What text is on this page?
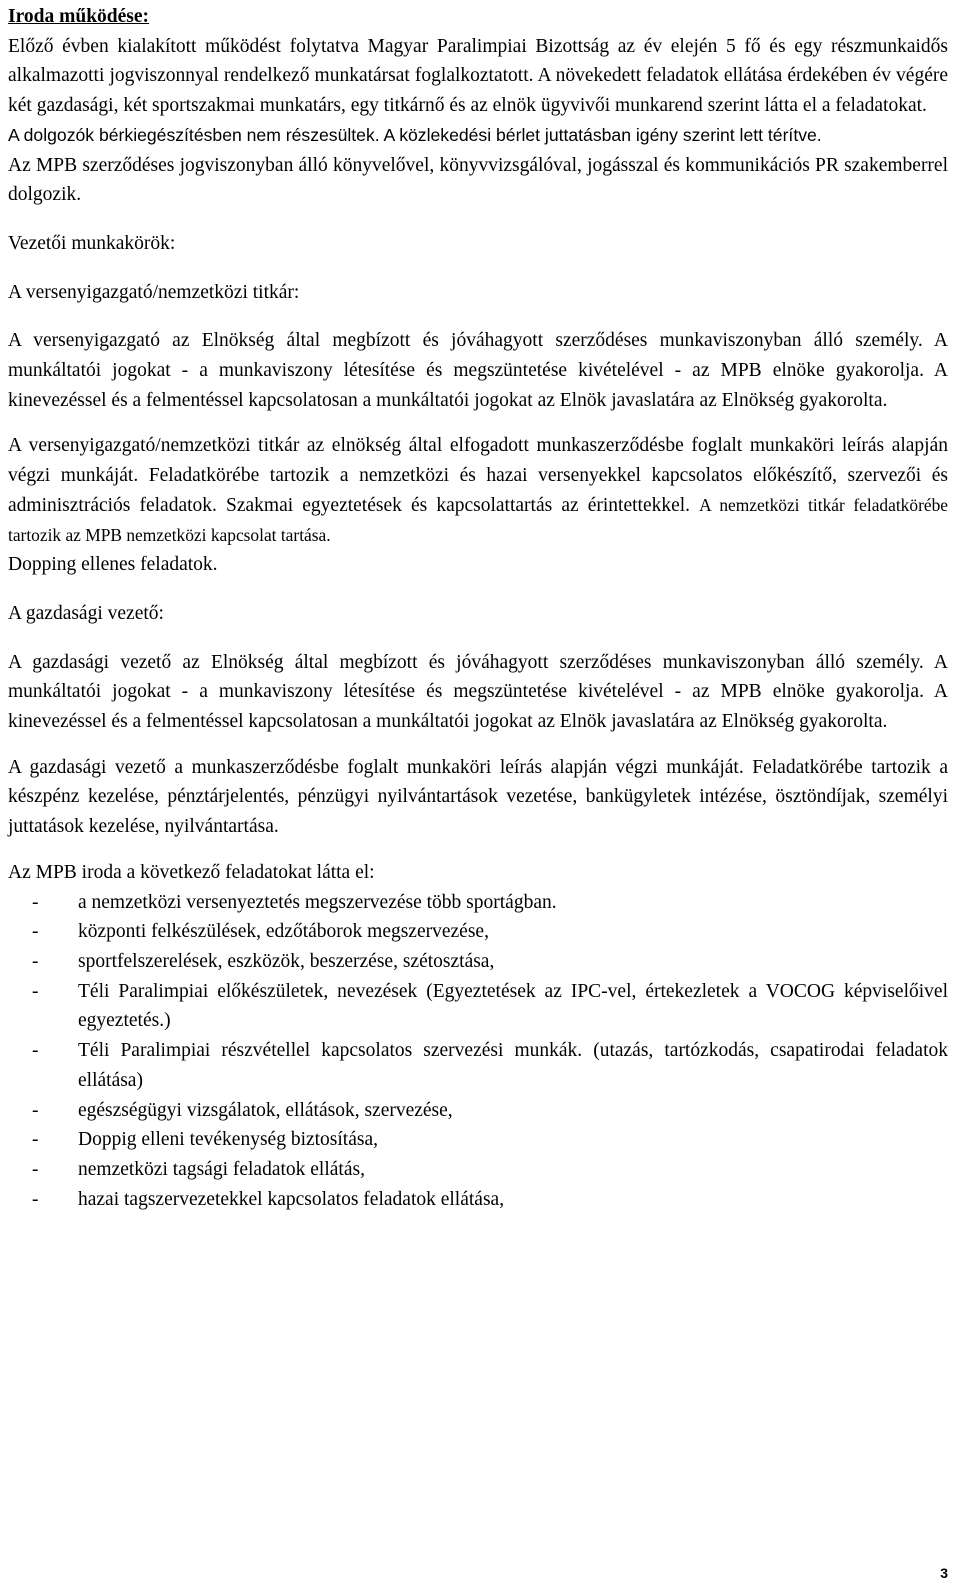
Iroda működése:

Előző évben kialakított működést folytatva Magyar Paralimpiai Bizottság az év elején 5 fő és egy részmunkaidős alkalmazotti jogviszonnyal rendelkező munkatársat foglalkoztatott. A növekedett feladatok ellátása érdekében év végére két gazdasági, két sportszakmai munkatárs, egy titkárnő és az elnök ügyvivői munkarend szerint látta el a feladatokat.

A dolgozók bérkiegészítésben nem részesültek. A közlekedési bérlet juttatásban igény szerint lett térítve.

Az MPB szerződéses jogviszonyban álló könyvelővel, könyvvizsgálóval, jogásszal és kommunikációs PR szakemberrel dolgozik.

Vezetői munkakörök:

A versenyigazgató/nemzetközi titkár:

A versenyigazgató az Elnökség által megbízott és jóváhagyott szerződéses munkaviszonyban álló személy. A munkáltatói jogokat - a munkaviszony létesítése és megszüntetése kivételével - az MPB elnöke gyakorolja. A kinevezéssel és a felmentéssel kapcsolatosan a munkáltatói jogokat az Elnök javaslatára az Elnökség gyakorolta.

A versenyigazgató/nemzetközi titkár az elnökség által elfogadott munkaszerződésbe foglalt munkaköri leírás alapján végzi munkáját. Feladatkörébe tartozik a nemzetközi és hazai versenyekkel kapcsolatos előkészítő, szervezői és adminisztrációs feladatok. Szakmai egyeztetések és kapcsolattartás az érintettekkel. A nemzetközi titkár feladatkörébe tartozik az MPB nemzetközi kapcsolat tartása.

Dopping ellenes feladatok.

A gazdasági vezető:

A gazdasági vezető az Elnökség által megbízott és jóváhagyott szerződéses munkaviszonyban álló személy. A munkáltatói jogokat - a munkaviszony létesítése és megszüntetése kivételével - az MPB elnöke gyakorolja. A kinevezéssel és a felmentéssel kapcsolatosan a munkáltatói jogokat az Elnök javaslatára az Elnökség gyakorolta.

A gazdasági vezető a munkaszerződésbe foglalt munkaköri leírás alapján végzi munkáját. Feladatkörébe tartozik a készpénz kezelése, pénztárjelentés, pénzügyi nyilvántartások vezetése, bankügyletek intézése, ösztöndíjak, személyi juttatások kezelése, nyilvántartása.

Az MPB iroda a következő feladatokat látta el:

- a nemzetközi versenyeztetés megszervezése több sportágban.
- központi felkészülések, edzőtáborok megszervezése,
- sportfelszerelések, eszközök, beszerzése, szétosztása,
- Téli Paralimpiai előkészületek, nevezések (Egyeztetések az IPC-vel, értekezletek a VOCOG képviselőivel egyeztetés.)
- Téli Paralimpiai részvétellel kapcsolatos szervezési munkák. (utazás, tartózkodás, csapatirodai feladatok ellátása)
- egészségügyi vizsgálatok, ellátások, szervezése,
- Doppig elleni tevékenység biztosítása,
- nemzetközi tagsági feladatok ellátás,
- hazai tagszervezetekkel kapcsolatos feladatok ellátása,
3
